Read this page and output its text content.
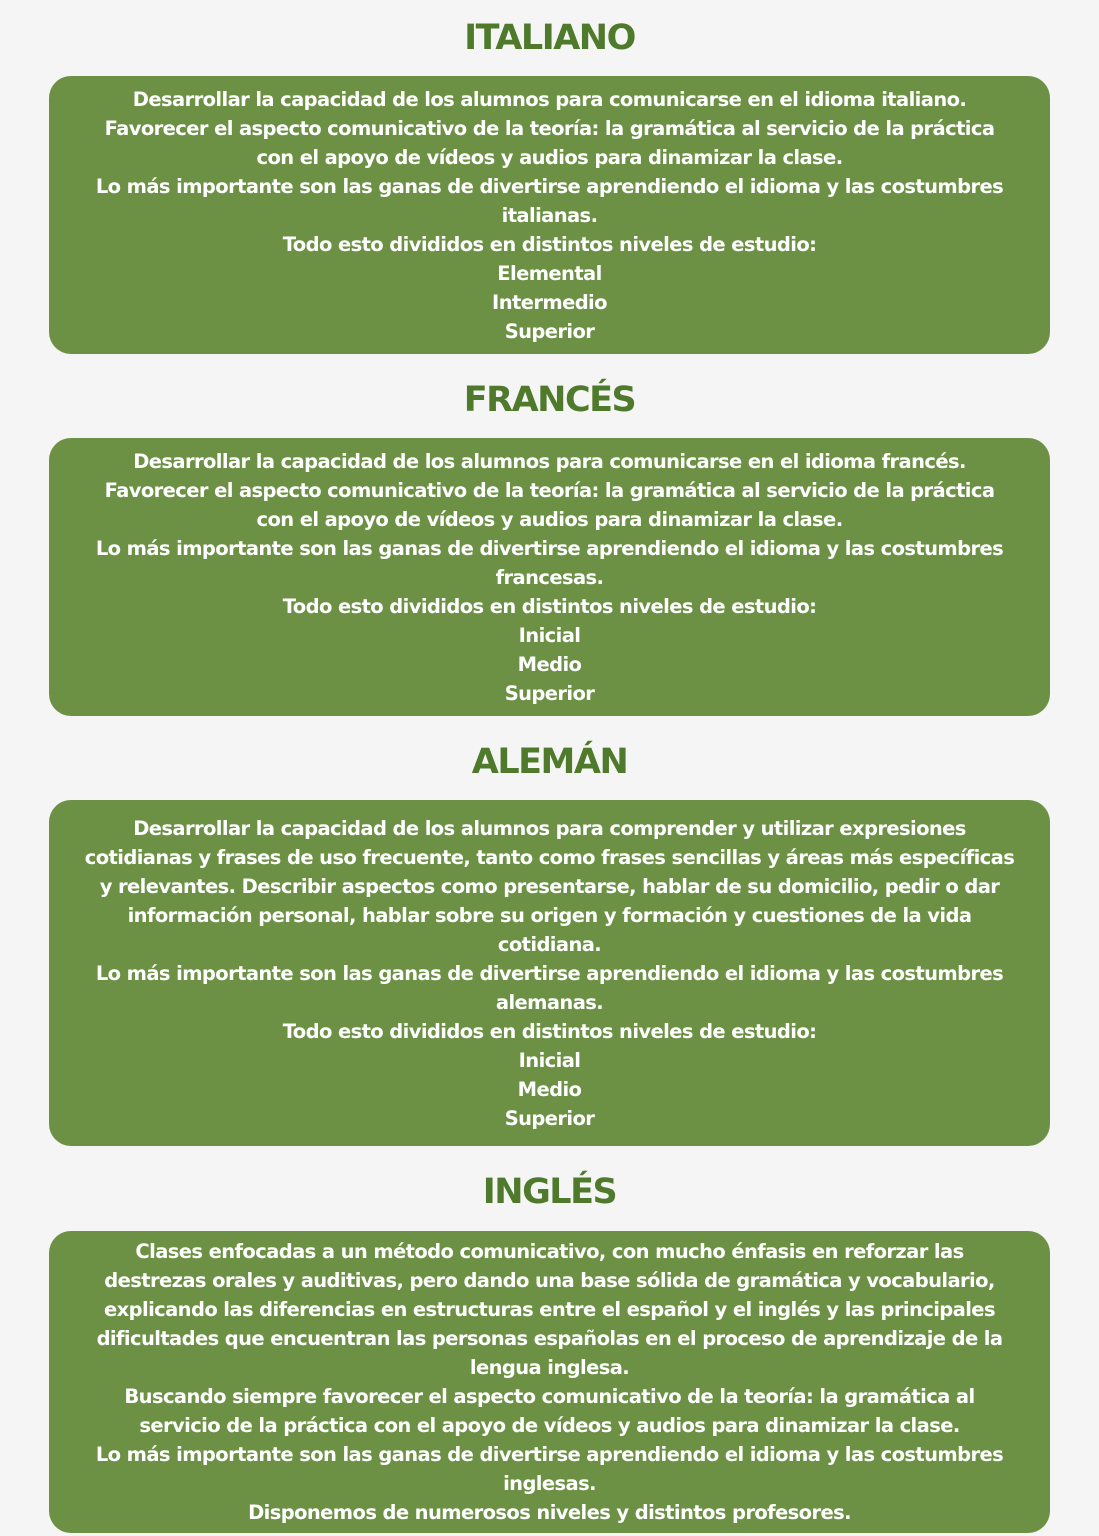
ITALIANO
Desarrollar la capacidad de los alumnos para comunicarse en el idioma italiano.
Favorecer el aspecto comunicativo de la teoría: la gramática al servicio de la práctica
con el apoyo de vídeos y audios para dinamizar la clase.
Lo más importante son las ganas de divertirse aprendiendo el idioma y las costumbres
italianas.
Todo esto divididos en distintos niveles de estudio:
Elemental
Intermedio
Superior
FRANCÉS
Desarrollar la capacidad de los alumnos para comunicarse en el idioma francés.
Favorecer el aspecto comunicativo de la teoría: la gramática al servicio de la práctica
con el apoyo de vídeos y audios para dinamizar la clase.
Lo más importante son las ganas de divertirse aprendiendo el idioma y las costumbres
francesas.
Todo esto divididos en distintos niveles de estudio:
Inicial
Medio
Superior
ALEMÁN
Desarrollar la capacidad de los alumnos para comprender y utilizar expresiones
cotidianas y frases de uso frecuente, tanto como frases sencillas y áreas más específicas
y relevantes. Describir aspectos como presentarse, hablar de su domicilio, pedir o dar
información personal, hablar sobre su origen y formación y cuestiones de la vida
cotidiana.
Lo más importante son las ganas de divertirse aprendiendo el idioma y las costumbres
alemanas.
Todo esto divididos en distintos niveles de estudio:
Inicial
Medio
Superior
INGLÉS
Clases enfocadas a un método comunicativo, con mucho énfasis en reforzar las
destrezas orales y auditivas, pero dando una base sólida de gramática y vocabulario,
explicando las diferencias en estructuras entre el español y el inglés y las principales
dificultades que encuentran las personas españolas en el proceso de aprendizaje de la
lengua inglesa.
Buscando siempre favorecer el aspecto comunicativo de la teoría: la gramática al
servicio de la práctica con el apoyo de vídeos y audios para dinamizar la clase.
Lo más importante son las ganas de divertirse aprendiendo el idioma y las costumbres
inglesas.
Disponemos de numerosos niveles y distintos profesores.
